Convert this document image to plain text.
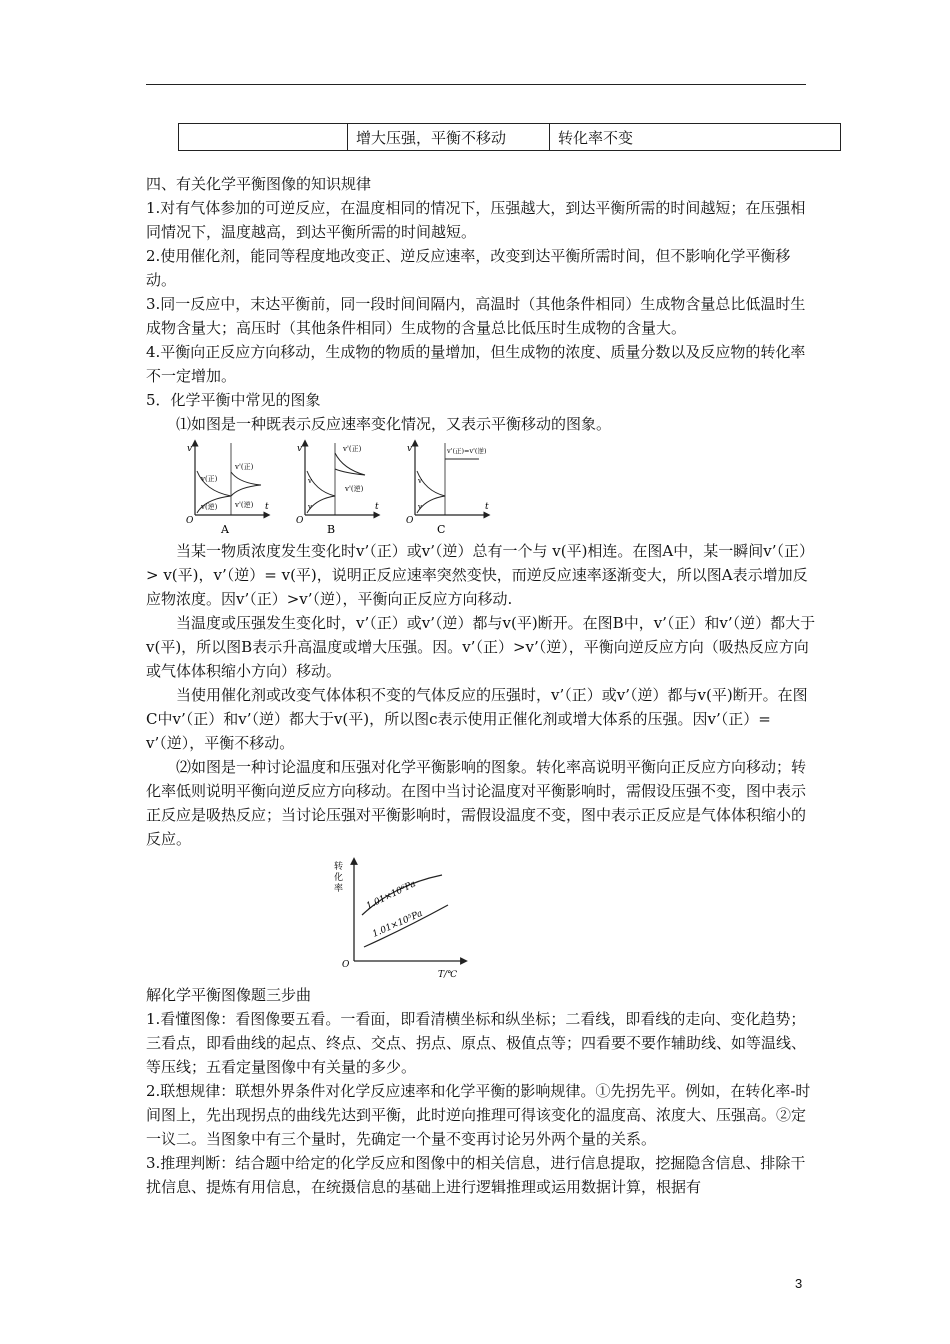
	增大压强，平衡不移动	转化率不变

四、有关化学平衡图像的知识规律

1.对有气体参加的可逆反应，在温度相同的情况下，压强越大，到达平衡所需的时间越短；在压强相同情况下，温度越高，到达平衡所需的时间越短。

2.使用催化剂，能同等程度地改变正、逆反应速率，改变到达平衡所需时间，但不影响化学平衡移动。

3.同一反应中，末达平衡前，同一段时间间隔内，高温时（其他条件相同）生成物含量总比低温时生成物含量大；高压时（其他条件相同）生成物的含量总比低压时生成物的含量大。

4.平衡向正反应方向移动，生成物的物质的量增加，但生成物的浓度、质量分数以及反应物的转化率不一定增加。

5．化学平衡中常见的图象

⑴如图是一种既表示反应速率变化情况，又表示平衡移动的图象。

O
v
t
v(正)
v(逆)
v'(正)
v'(逆)
A
O
v
t
v
v
v'(正)
v'(逆)
B
O
v
t
v
v
v'(正)=v'(逆)
C

当某一物质浓度发生变化时v’（正）或v’（逆）总有一个与 v(平)相连。在图A中，某一瞬间v’（正）> v(平)，v’（逆）= v(平)，说明正反应速率突然变快，而逆反应速率逐渐变大，所以图A表示增加反应物浓度。因v’（正）>v’（逆），平衡向正反应方向移动.

当温度或压强发生变化时，v’（正）或v’（逆）都与v(平)断开。在图B中，v’（正）和v’（逆）都大于v(平)，所以图B表示升高温度或增大压强。因。v’（正）>v’（逆），平衡向逆反应方向（吸热反应方向或气体体积缩小方向）移动。

当使用催化剂或改变气体体积不变的气体反应的压强时，v’（正）或v’（逆）都与v(平)断开。在图C中v’（正）和v’（逆）都大于v(平)，所以图c表示使用正催化剂或增大体系的压强。因v’（正）= v’（逆），平衡不移动。

⑵如图是一种讨论温度和压强对化学平衡影响的图象。转化率高说明平衡向正反应方向移动；转化率低则说明平衡向逆反应方向移动。在图中当讨论温度对平衡影响时，需假设压强不变，图中表示正反应是吸热反应；当讨论压强对平衡影响时，需假设温度不变，图中表示正反应是气体体积缩小的反应。

转
化
率
O
T/℃
1.01×10⁶Pa
1.01×10⁵Pa

解化学平衡图像题三步曲

1.看懂图像：看图像要五看。一看面，即看清横坐标和纵坐标；二看线，即看线的走向、变化趋势；三看点，即看曲线的起点、终点、交点、拐点、原点、极值点等；四看要不要作辅助线、如等温线、等压线；五看定量图像中有关量的多少。

2.联想规律：联想外界条件对化学反应速率和化学平衡的影响规律。①先拐先平。例如，在转化率-时间图上，先出现拐点的曲线先达到平衡，此时逆向推理可得该变化的温度高、浓度大、压强高。②定一议二。当图象中有三个量时，先确定一个量不变再讨论另外两个量的关系。

3.推理判断：结合题中给定的化学反应和图像中的相关信息，进行信息提取，挖掘隐含信息、排除干扰信息、提炼有用信息，在统摄信息的基础上进行逻辑推理或运用数据计算，根据有

3
